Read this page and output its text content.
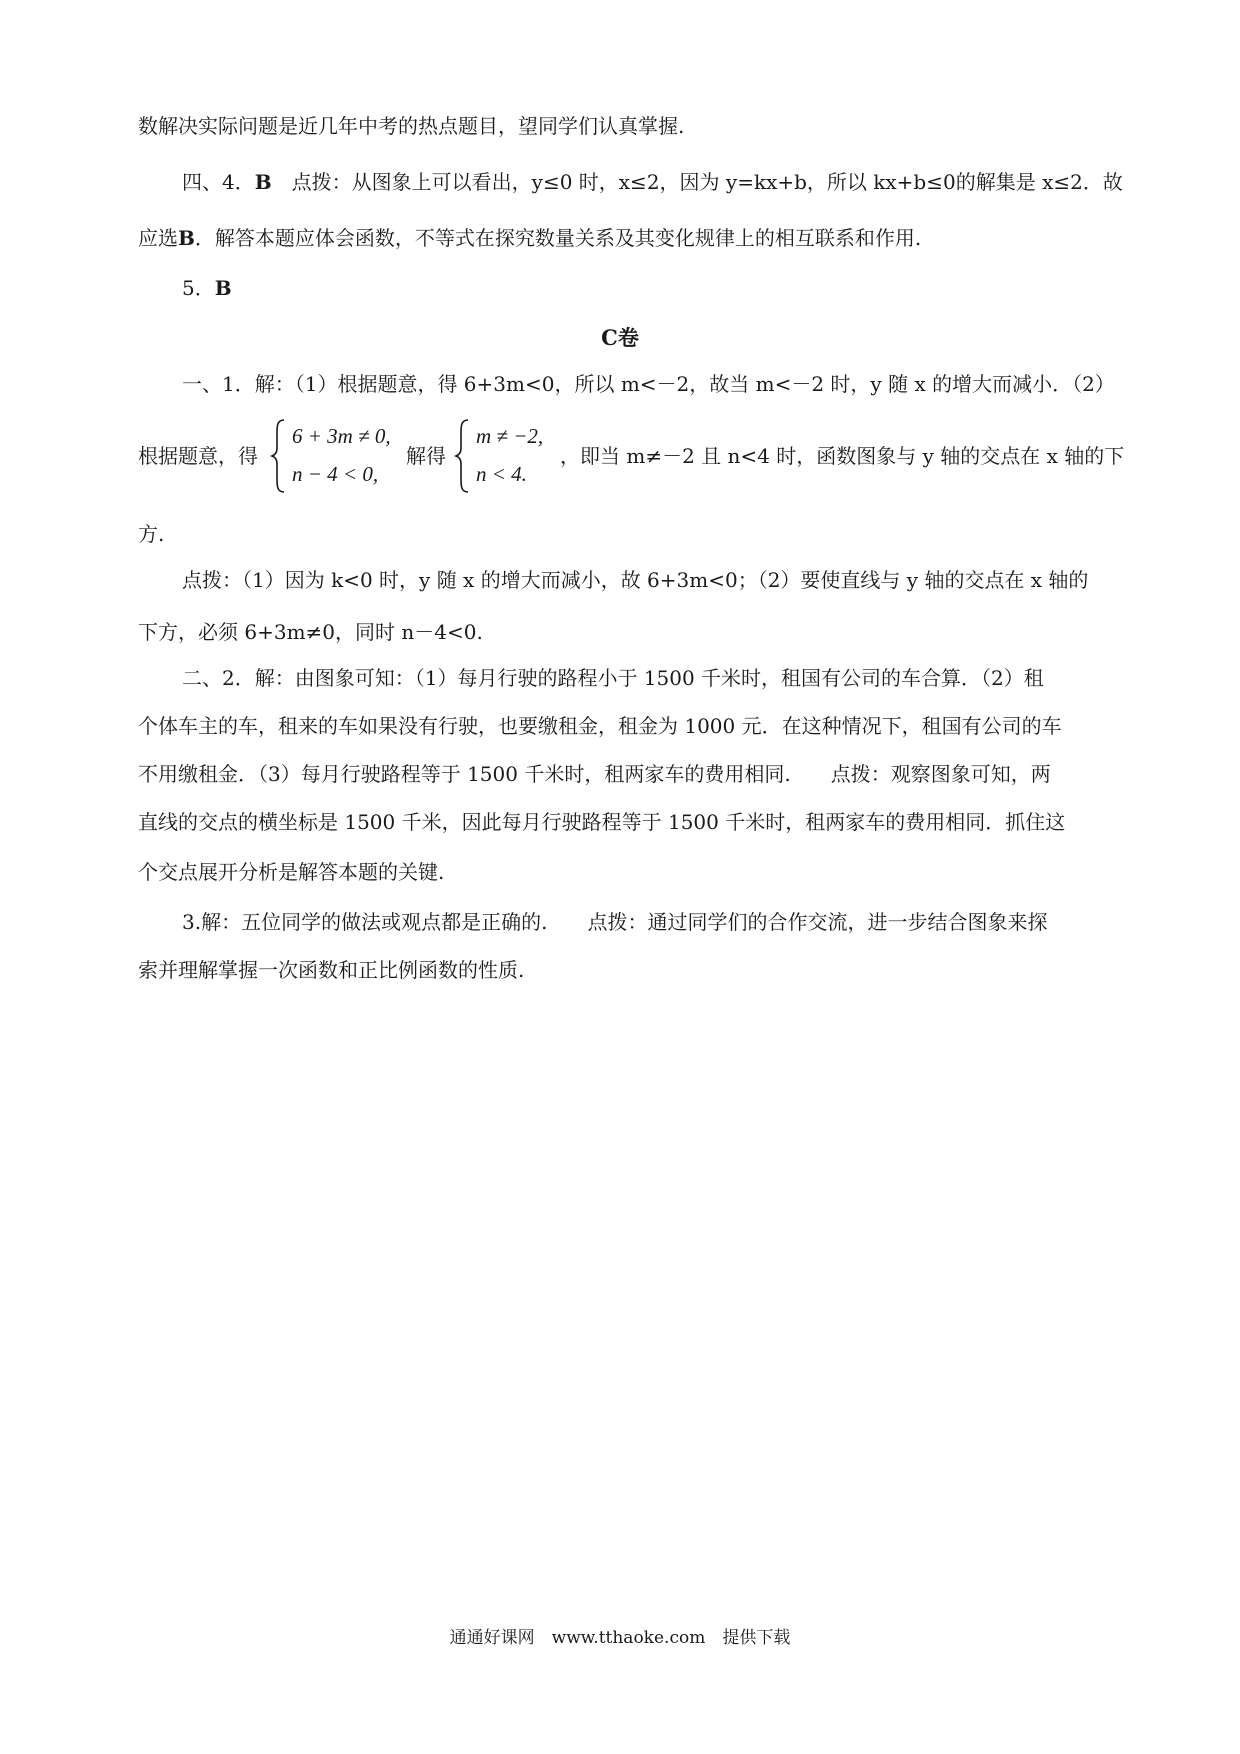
数解决实际问题是近几年中考的热点题目，望同学们认真掌握.
四、4．B　点拨：从图象上可以看出，y≤0 时，x≤2，因为 y=kx+b，所以 kx+b≤0的解集是 x≤2．故
应选B．解答本题应体会函数，不等式在探究数量关系及其变化规律上的相互联系和作用.
5．B
C卷
一、1．解：（1）根据题意，得 6+3m<0，所以 m<－2，故当 m<－2 时，y 随 x 的增大而减小．（2）
根据题意，得
6 + 3m ≠ 0,
n − 4 < 0,
解得
m ≠ −2,
n < 4.
，即当 m≠－2 且 n<4 时，函数图象与 y 轴的交点在 x 轴的下
方.
点拨：（1）因为 k<0 时，y 随 x 的增大而减小，故 6+3m<0；（2）要使直线与 y 轴的交点在 x 轴的
下方，必须 6+3m≠0，同时 n－4<0.
二、2．解：由图象可知：（1）每月行驶的路程小于 1500 千米时，租国有公司的车合算．（2）租
个体车主的车，租来的车如果没有行驶，也要缴租金，租金为 1000 元．在这种情况下，租国有公司的车
不用缴租金．（3）每月行驶路程等于 1500 千米时，租两家车的费用相同.　　点拨：观察图象可知，两
直线的交点的横坐标是 1500 千米，因此每月行驶路程等于 1500 千米时，租两家车的费用相同．抓住这
个交点展开分析是解答本题的关键.
3.解：五位同学的做法或观点都是正确的.　　点拨：通过同学们的合作交流，进一步结合图象来探
索并理解掌握一次函数和正比例函数的性质.
通通好课网　www.tthaoke.com　提供下载
